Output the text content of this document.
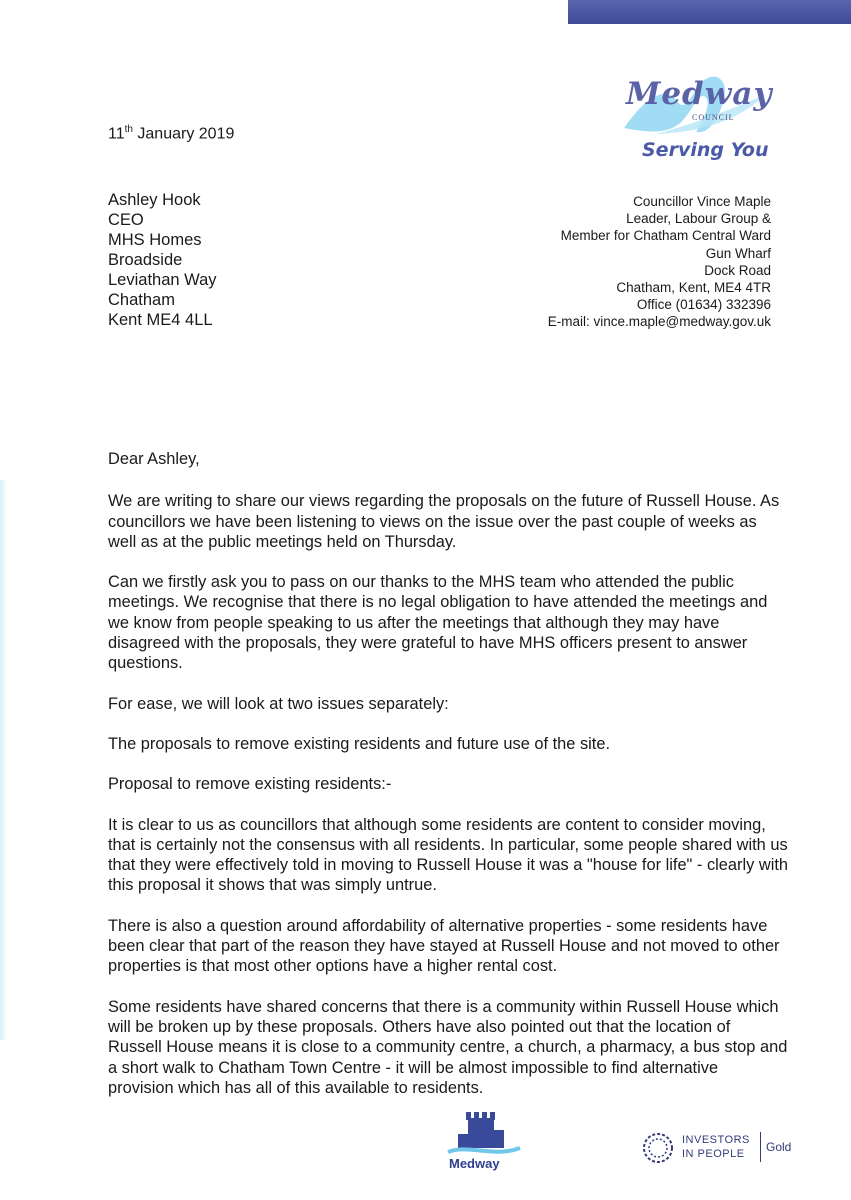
Medway
COUNCIL
Serving You
11th January 2019
Ashley Hook
CEO
MHS Homes
Broadside
Leviathan Way
Chatham
Kent ME4 4LL
Councillor Vince Maple
Leader, Labour Group &
Member for Chatham Central Ward
Gun Wharf
Dock Road
Chatham, Kent, ME4 4TR
Office (01634) 332396
E-mail: vince.maple@medway.gov.uk

Dear Ashley,

We are writing to share our views regarding the proposals on the future of Russell House. As councillors we have been listening to views on the issue over the past couple of weeks as well as at the public meetings held on Thursday.

Can we firstly ask you to pass on our thanks to the MHS team who attended the public meetings. We recognise that there is no legal obligation to have attended the meetings and we know from people speaking to us after the meetings that although they may have disagreed with the proposals, they were grateful to have MHS officers present to answer questions.

For ease, we will look at two issues separately:

The proposals to remove existing residents and future use of the site.

Proposal to remove existing residents:-

It is clear to us as councillors that although some residents are content to consider moving, that is certainly not the consensus with all residents. In particular, some people shared with us that they were effectively told in moving to Russell House it was a "house for life" - clearly with this proposal it shows that was simply untrue.

There is also a question around affordability of alternative properties - some residents have been clear that part of the reason they have stayed at Russell House and not moved to other properties is that most other options have a higher rental cost.

Some residents have shared concerns that there is a community within Russell House which will be broken up by these proposals. Others have also pointed out that the location of Russell House means it is close to a community centre, a church, a pharmacy, a bus stop and a short walk to Chatham Town Centre - it will be almost impossible to find alternative provision which has all of this available to residents.

Medway
INVESTORS
IN PEOPLE	Gold
